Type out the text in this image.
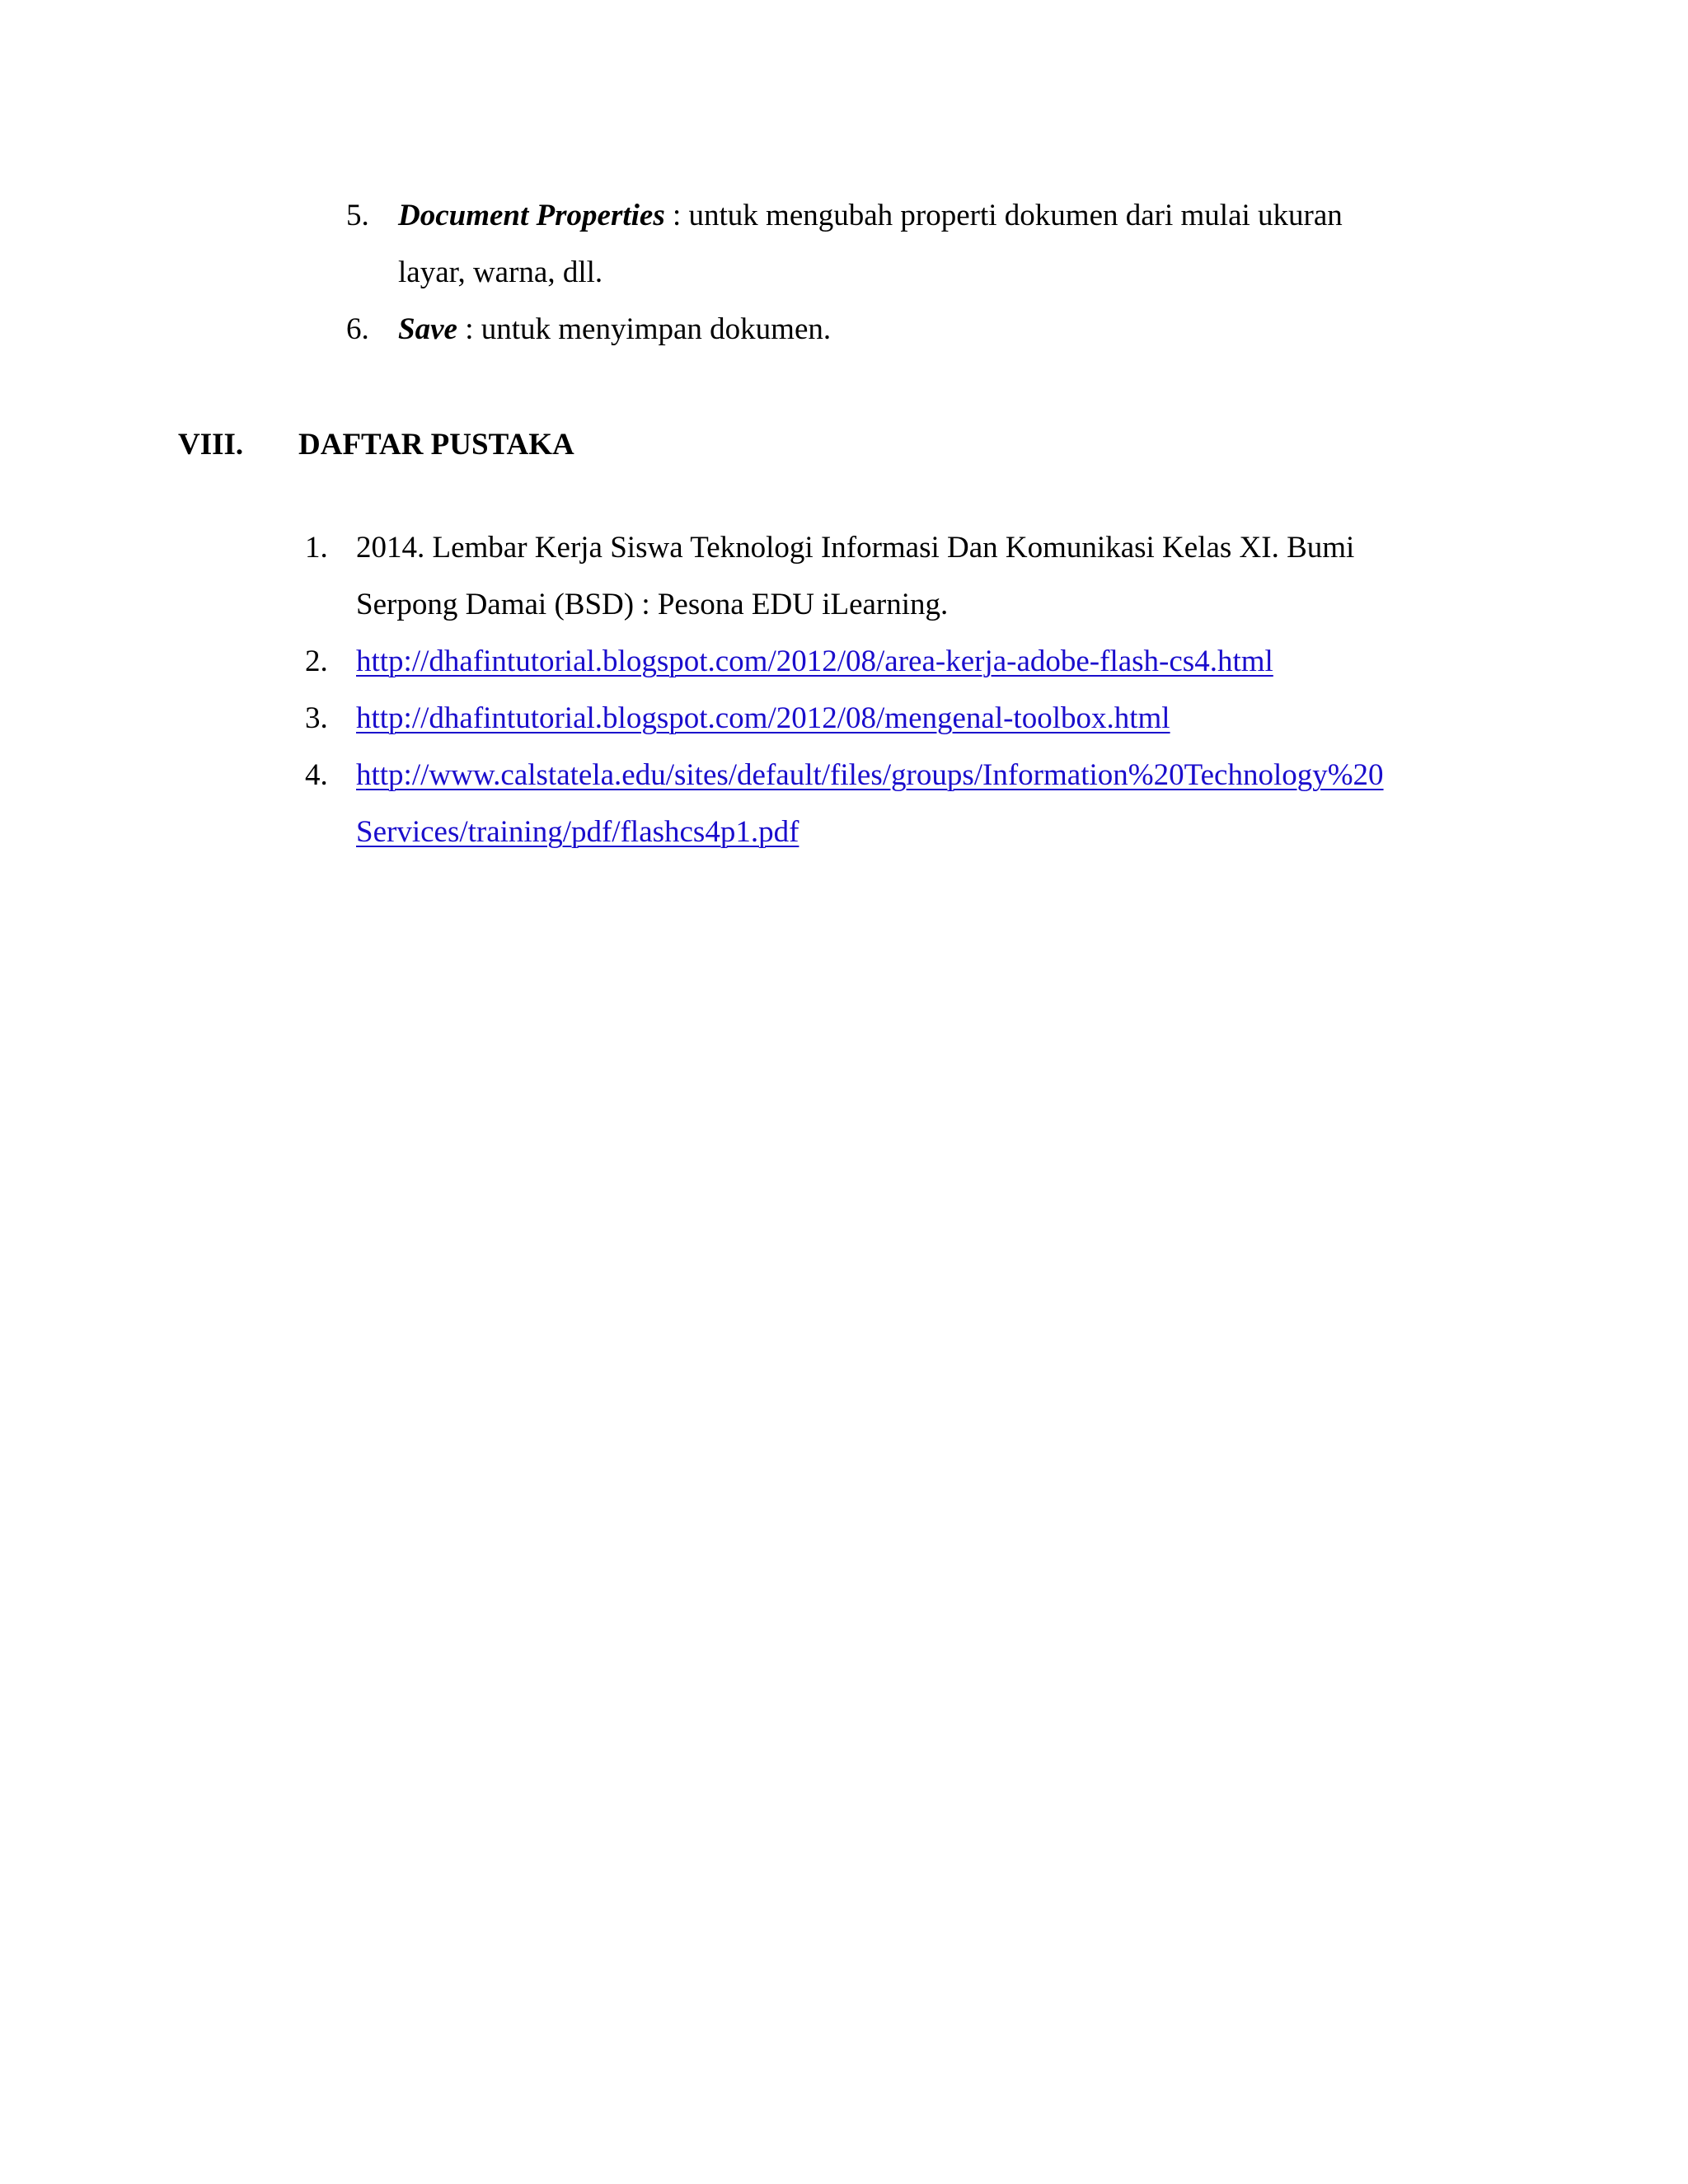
5. Document Properties : untuk mengubah properti dokumen dari mulai ukuran
layar, warna, dll.
6. Save : untuk menyimpan dokumen.
VIII. DAFTAR PUSTAKA
1. 2014. Lembar Kerja Siswa Teknologi Informasi Dan Komunikasi Kelas XI. Bumi
Serpong Damai (BSD) : Pesona EDU iLearning.
2. http://dhafintutorial.blogspot.com/2012/08/area-kerja-adobe-flash-cs4.html
3. http://dhafintutorial.blogspot.com/2012/08/mengenal-toolbox.html
4. http://www.calstatela.edu/sites/default/files/groups/Information%20Technology%20
Services/training/pdf/flashcs4p1.pdf
